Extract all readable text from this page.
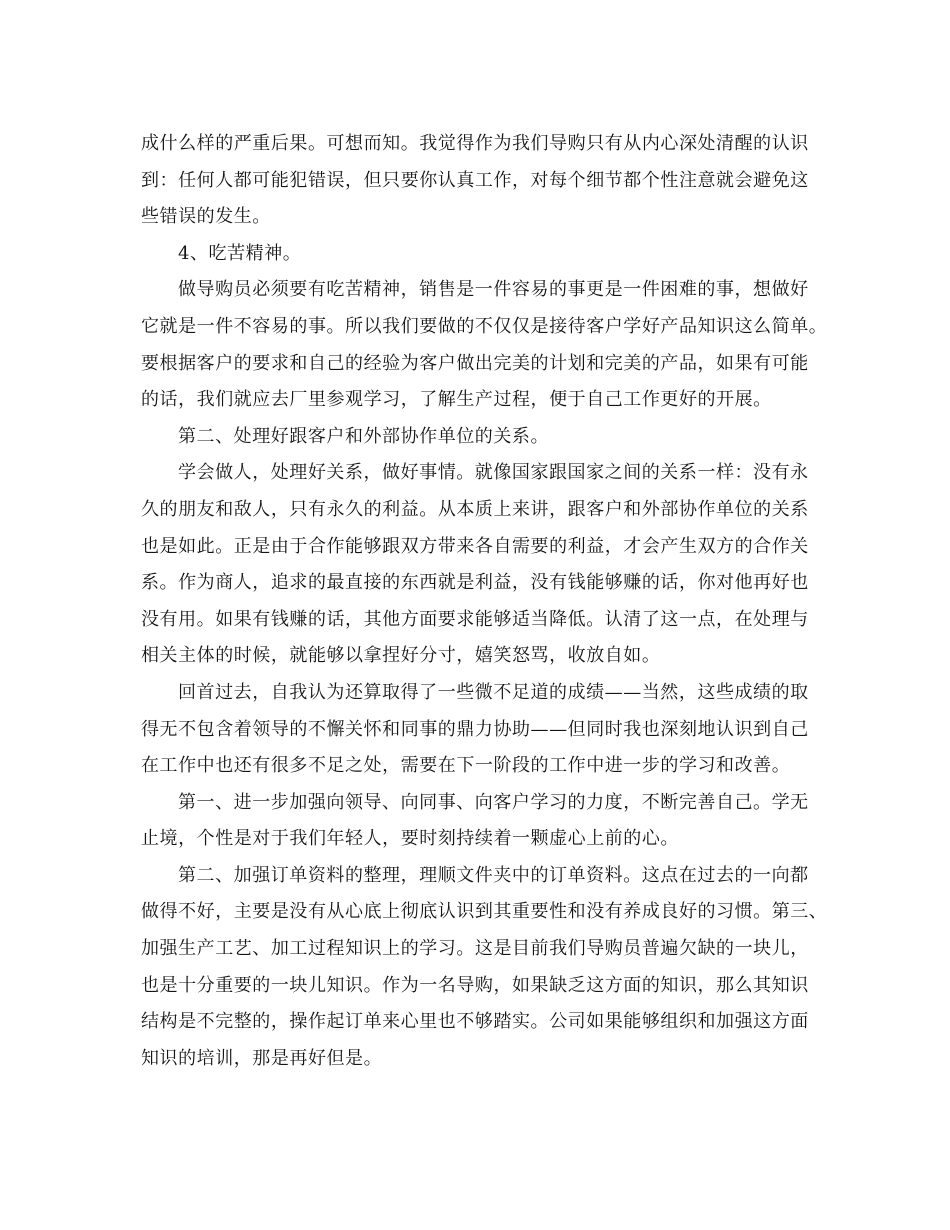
成什么样的严重后果。可想而知。我觉得作为我们导购只有从内心深处清醒的认识
到：任何人都可能犯错误，但只要你认真工作，对每个细节都个性注意就会避免这
些错误的发生。
4、吃苦精神。
做导购员必须要有吃苦精神，销售是一件容易的事更是一件困难的事，想做好
它就是一件不容易的事。所以我们要做的不仅仅是接待客户学好产品知识这么简单。
要根据客户的要求和自己的经验为客户做出完美的计划和完美的产品，如果有可能
的话，我们就应去厂里参观学习，了解生产过程，便于自己工作更好的开展。
第二、处理好跟客户和外部协作单位的关系。
学会做人，处理好关系，做好事情。就像国家跟国家之间的关系一样：没有永
久的朋友和敌人，只有永久的利益。从本质上来讲，跟客户和外部协作单位的关系
也是如此。正是由于合作能够跟双方带来各自需要的利益，才会产生双方的合作关
系。作为商人，追求的最直接的东西就是利益，没有钱能够赚的话，你对他再好也
没有用。如果有钱赚的话，其他方面要求能够适当降低。认清了这一点，在处理与
相关主体的时候，就能够以拿捏好分寸，嬉笑怒骂，收放自如。
回首过去，自我认为还算取得了一些微不足道的成绩——当然，这些成绩的取
得无不包含着领导的不懈关怀和同事的鼎力协助——但同时我也深刻地认识到自己
在工作中也还有很多不足之处，需要在下一阶段的工作中进一步的学习和改善。
第一、进一步加强向领导、向同事、向客户学习的力度，不断完善自己。学无
止境，个性是对于我们年轻人，要时刻持续着一颗虚心上前的心。
第二、加强订单资料的整理，理顺文件夹中的订单资料。这点在过去的一向都
做得不好，主要是没有从心底上彻底认识到其重要性和没有养成良好的习惯。第三、
加强生产工艺、加工过程知识上的学习。这是目前我们导购员普遍欠缺的一块儿，
也是十分重要的一块儿知识。作为一名导购，如果缺乏这方面的知识，那么其知识
结构是不完整的，操作起订单来心里也不够踏实。公司如果能够组织和加强这方面
知识的培训，那是再好但是。
